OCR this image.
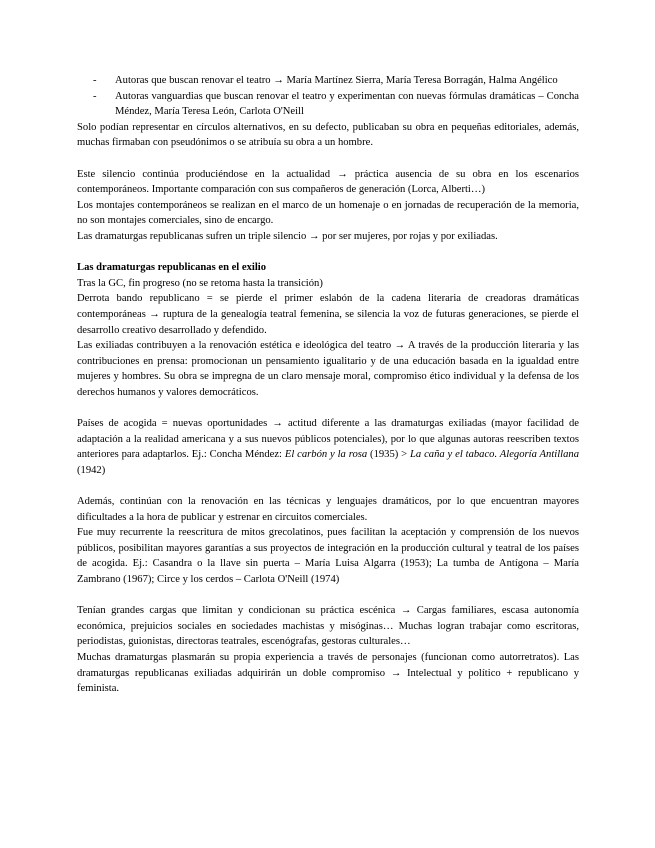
- Autoras que buscan renovar el teatro → María Martínez Sierra, María Teresa Borragán, Halma Angélico
- Autoras vanguardias que buscan renovar el teatro y experimentan con nuevas fórmulas dramáticas – Concha Méndez, María Teresa León, Carlota O'Neill

Solo podían representar en círculos alternativos, en su defecto, publicaban su obra en pequeñas editoriales, además, muchas firmaban con pseudónimos o se atribuía su obra a un hombre.

Este silencio continúa produciéndose en la actualidad → práctica ausencia de su obra en los escenarios contemporáneos. Importante comparación con sus compañeros de generación (Lorca, Alberti…)

Los montajes contemporáneos se realizan en el marco de un homenaje o en jornadas de recuperación de la memoria, no son montajes comerciales, sino de encargo.

Las dramaturgas republicanas sufren un triple silencio → por ser mujeres, por rojas y por exiliadas.

Las dramaturgas republicanas en el exilio

Tras la GC, fin progreso (no se retoma hasta la transición)

Derrota bando republicano = se pierde el primer eslabón de la cadena literaria de creadoras dramáticas contemporáneas → ruptura de la genealogía teatral femenina, se silencia la voz de futuras generaciones, se pierde el desarrollo creativo desarrollado y defendido.

Las exiliadas contribuyen a la renovación estética e ideológica del teatro → A través de la producción literaria y las contribuciones en prensa: promocionan un pensamiento igualitario y de una educación basada en la igualdad entre mujeres y hombres. Su obra se impregna de un claro mensaje moral, compromiso ético individual y la defensa de los derechos humanos y valores democráticos.

Países de acogida = nuevas oportunidades → actitud diferente a las dramaturgas exiliadas (mayor facilidad de adaptación a la realidad americana y a sus nuevos públicos potenciales), por lo que algunas autoras reescriben textos anteriores para adaptarlos. Ej.: Concha Méndez: El carbón y la rosa (1935) > La caña y el tabaco. Alegoría Antillana (1942)

Además, continúan con la renovación en las técnicas y lenguajes dramáticos, por lo que encuentran mayores dificultades a la hora de publicar y estrenar en circuitos comerciales.

Fue muy recurrente la reescritura de mitos grecolatinos, pues facilitan la aceptación y comprensión de los nuevos públicos, posibilitan mayores garantías a sus proyectos de integración en la producción cultural y teatral de los países de acogida. Ej.: Casandra o la llave sin puerta – María Luisa Algarra (1953); La tumba de Antígona – María Zambrano (1967); Circe y los cerdos – Carlota O'Neill (1974)

Tenían grandes cargas que limitan y condicionan su práctica escénica → Cargas familiares, escasa autonomía económica, prejuicios sociales en sociedades machistas y misóginas… Muchas logran trabajar como escritoras, periodistas, guionistas, directoras teatrales, escenógrafas, gestoras culturales…

Muchas dramaturgas plasmarán su propia experiencia a través de personajes (funcionan como autorretratos). Las dramaturgas republicanas exiliadas adquirirán un doble compromiso → Intelectual y político + republicano y feminista.
